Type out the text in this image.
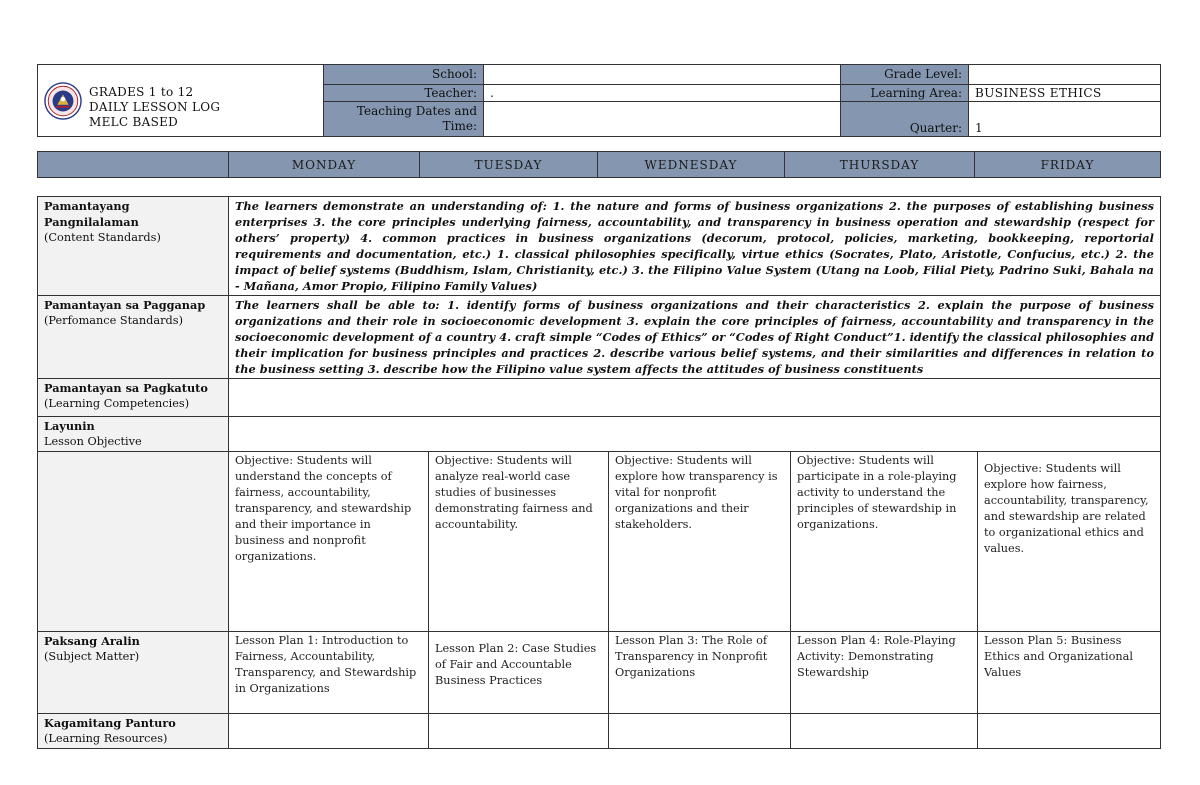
GRADES 1 to 12
DAILY LESSON LOG
MELC BASED	School:		Grade Level:	
	Teacher:	.	Learning Area:	BUSINESS ETHICS
	Teaching Dates and Time:		Quarter:	1
	MONDAY	TUESDAY	WEDNESDAY	THURSDAY	FRIDAY
Pamantayang Pangnilalaman
(Content Standards)	The learners demonstrate an understanding of: 1. the nature and forms of business organizations 2. the purposes of establishing business enterprises 3. the core principles underlying fairness, accountability, and transparency in business operation and stewardship (respect for others’ property) 4. common practices in business organizations (decorum, protocol, policies, marketing, bookkeeping, reportorial requirements and documentation, etc.) 1. classical philosophies specifically, virtue ethics (Socrates, Plato, Aristotle, Confucius, etc.) 2. the impact of belief systems (Buddhism, Islam, Christianity, etc.) 3. the Filipino Value System (Utang na Loob, Filial Piety, Padrino Suki, Bahala na - Mañana, Amor Propio, Filipino Family Values)				

Pamantayan sa Pagganap
(Perfomance Standards)	The learners shall be able to: 1. identify forms of business organizations and their characteristics 2. explain the purpose of business organizations and their role in socioeconomic development 3. explain the core principles of fairness, accountability and transparency in the socioeconomic development of a country 4. craft simple “Codes of Ethics” or “Codes of Right Conduct”1. identify the classical philosophies and their implication for business principles and practices 2. describe various belief systems, and their similarities and differences in relation to the business setting 3. describe how the Filipino value system affects the attitudes of business constituents				

Pamantayan sa Pagkatuto
(Learning Competencies)					

Layunin
Lesson Objective					

	Objective: Students will understand the concepts of fairness, accountability, transparency, and stewardship and their importance in business and nonprofit organizations.	Objective: Students will analyze real-world case studies of businesses demonstrating fairness and accountability.	Objective: Students will explore how transparency is vital for nonprofit organizations and their stakeholders.	Objective: Students will participate in a role-playing activity to understand the principles of stewardship in organizations.	Objective: Students will explore how fairness, accountability, transparency, and stewardship are related to organizational ethics and values.

Paksang Aralin
(Subject Matter)	Lesson Plan 1: Introduction to Fairness, Accountability, Transparency, and Stewardship in Organizations	Lesson Plan 2: Case Studies of Fair and Accountable Business Practices	Lesson Plan 3: The Role of Transparency in Nonprofit Organizations	Lesson Plan 4: Role-Playing Activity: Demonstrating Stewardship	Lesson Plan 5: Business Ethics and Organizational Values

Kagamitang Panturo
(Learning Resources)					
